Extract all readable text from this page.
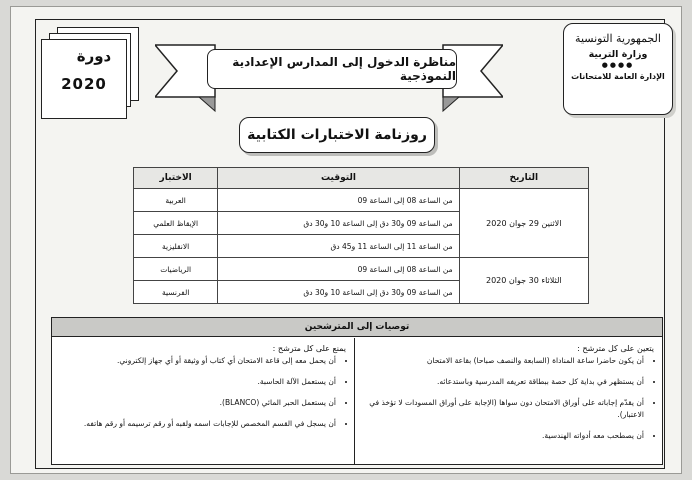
الجمهورية التونسية
وزارة التربية
●●●●
الإدارة العامة للامتحانات
دورة
2020
مناظرة الدخول إلى المدارس الإعدادية النموذجية
روزنامة الاختبارات الكتابية
التاريخ	التوقيت	الاختبار
الاثنين 29 جوان 2020	من الساعة 08 إلى الساعة 09	العربية
	من الساعة 09 و30 دق إلى الساعة 10 و30 دق	الإيقاظ العلمي
	من الساعة 11 إلى الساعة 11 و45 دق	الانقليزية
الثلاثاء 30 جوان 2020	من الساعة 08 إلى الساعة 09	الرياضيات
	من الساعة 09 و30 دق إلى الساعة 10 و30 دق	الفرنسية
توصيات إلى المترشحين
يتعين على كل مترشح :
• أن يكون حاضرا ساعة المناداة (السابعة والنصف صباحا) بقاعة الامتحان
• أن يستظهر في بداية كل حصة ببطاقة تعريفه المدرسية وباستدعائه.
• أن يقدّم إجاباته على أوراق الامتحان دون سواها (الإجابة على أوراق المسودات لا تؤخذ في الاعتبار).
• أن يصطحب معه أدواته الهندسية.
يمنع على كل مترشح :
• أن يحمل معه إلى قاعة الامتحان أي كتاب أو وثيقة أو أي جهاز إلكتروني.
• أن يستعمل الآلة الحاسبة.
• أن يستعمل الحبر المائي (BLANCO).
• أن يسجل في القسم المخصص للإجابات اسمه ولقبه أو رقم ترسيمه أو رقم هاتفه.
